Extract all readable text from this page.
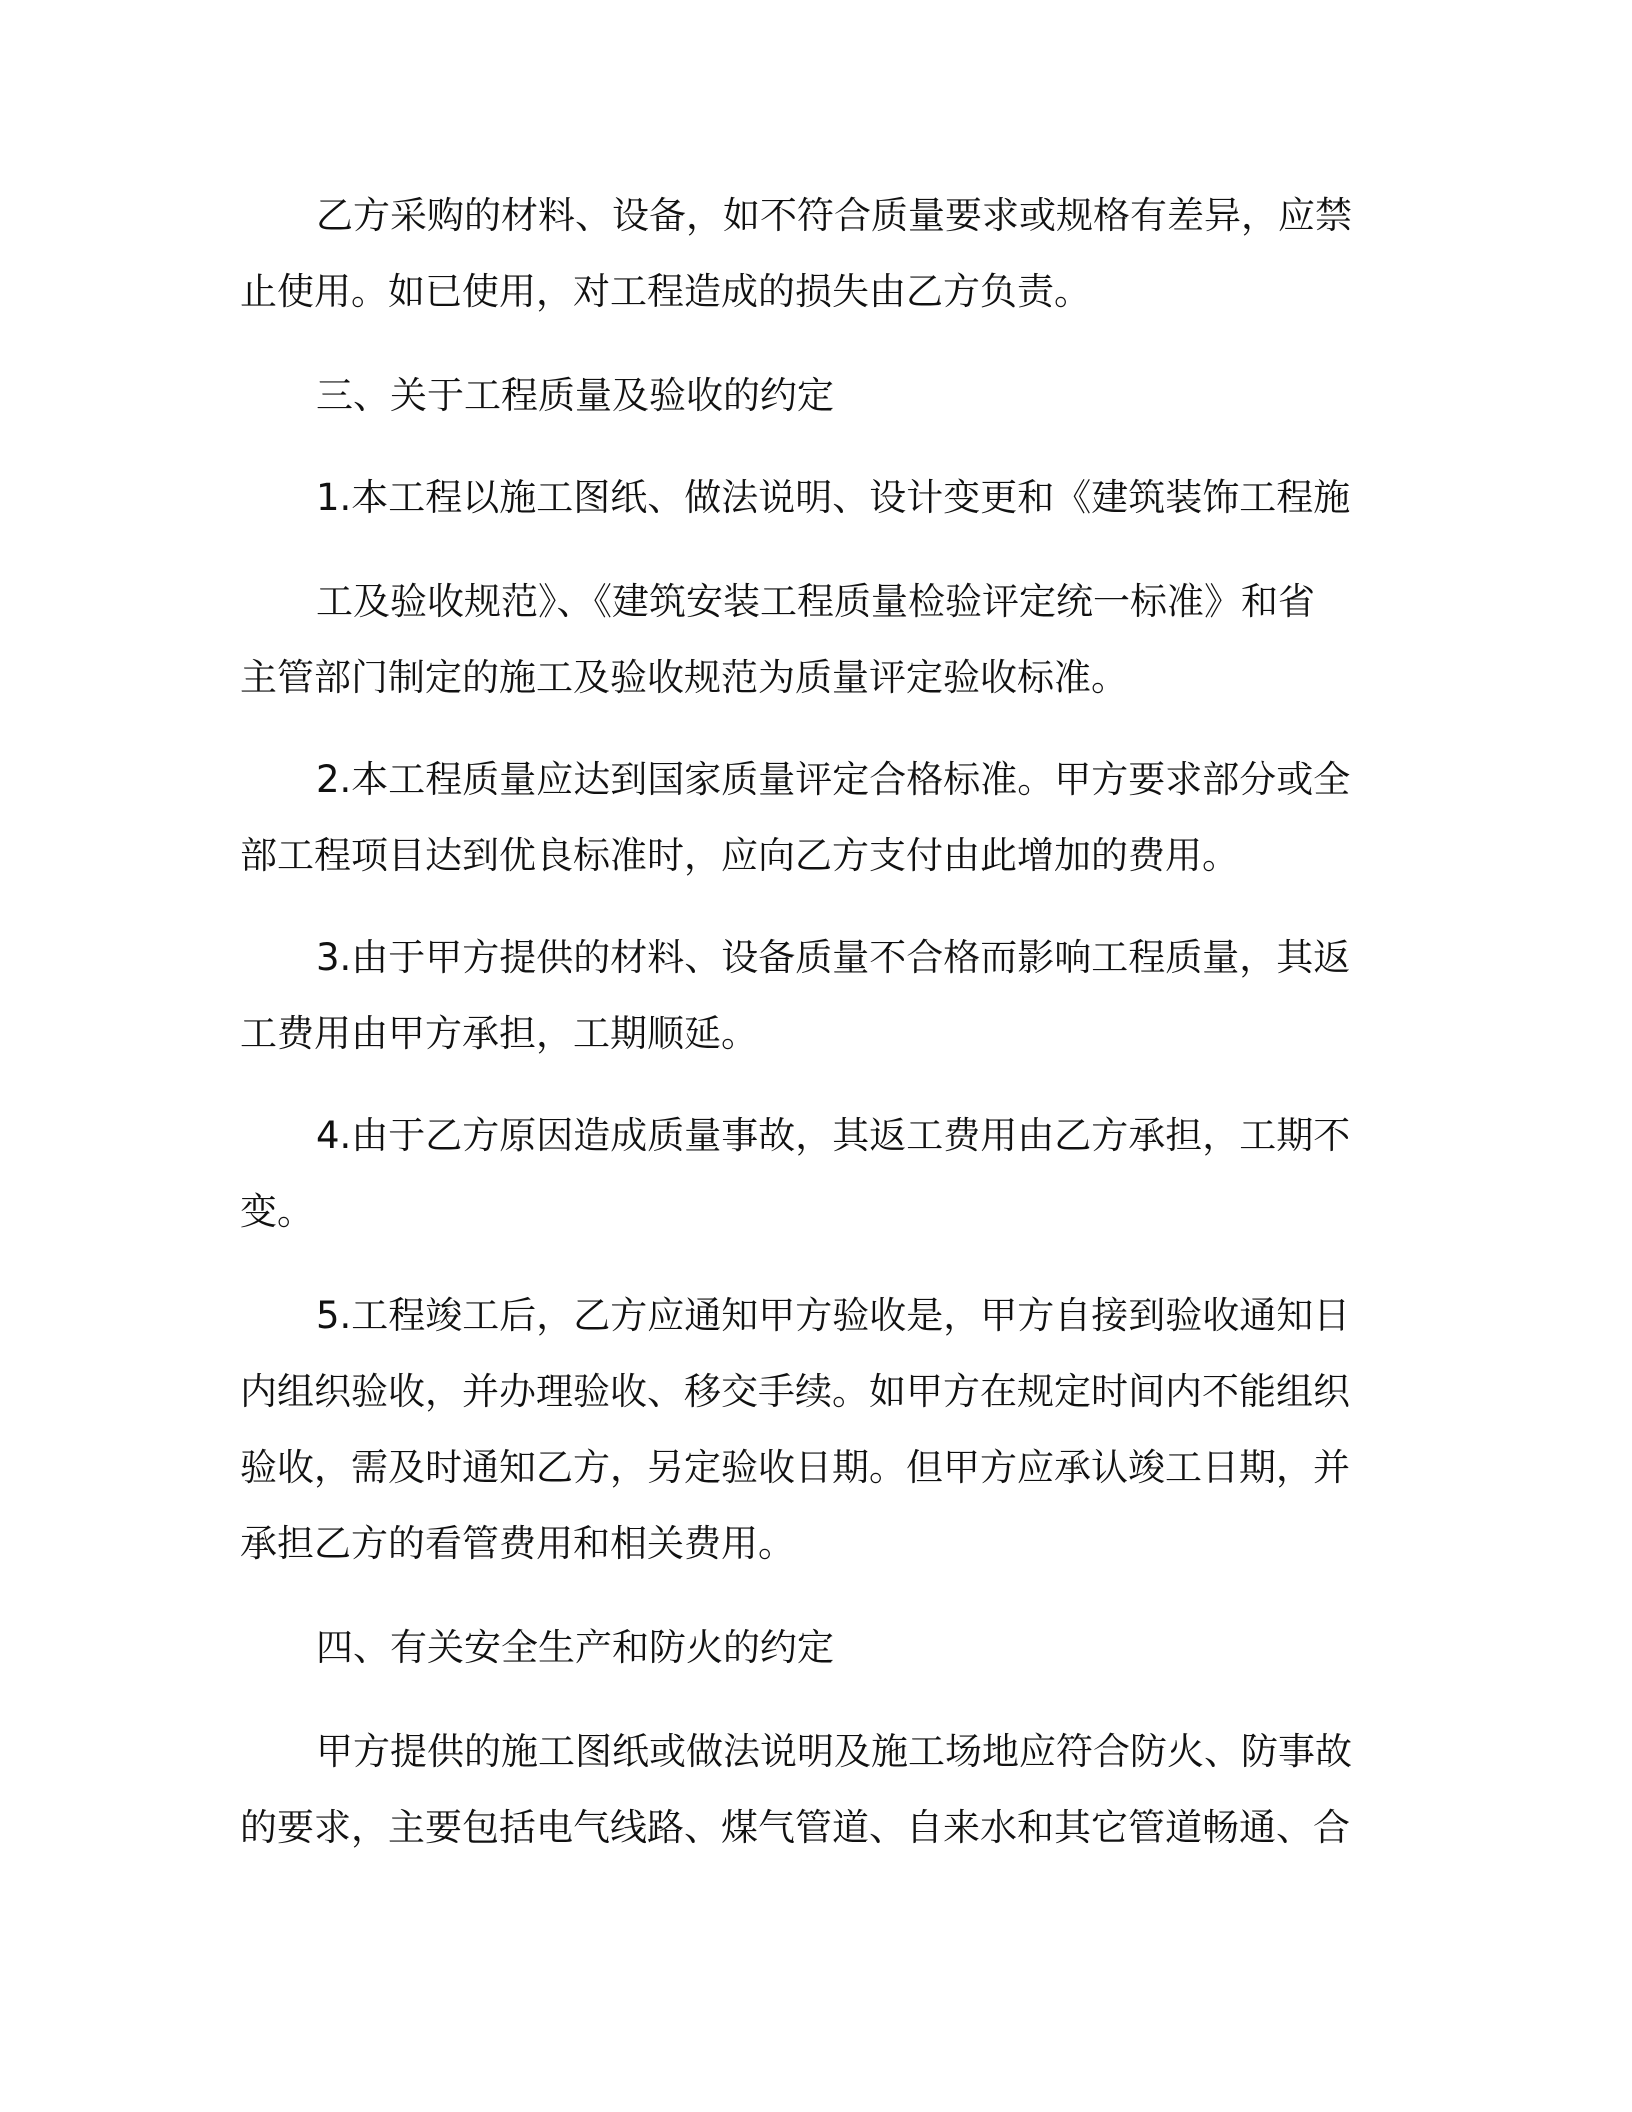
乙方采购的材料、设备，如不符合质量要求或规格有差异，应禁
止使用。如已使用，对工程造成的损失由乙方负责。
三、关于工程质量及验收的约定
1.本工程以施工图纸、做法说明、设计变更和《建筑装饰工程施
工及验收规范》、《建筑安装工程质量检验评定统一标准》和省
主管部门制定的施工及验收规范为质量评定验收标准。
2.本工程质量应达到国家质量评定合格标准。甲方要求部分或全
部工程项目达到优良标准时，应向乙方支付由此增加的费用。
3.由于甲方提供的材料、设备质量不合格而影响工程质量，其返
工费用由甲方承担，工期顺延。
4.由于乙方原因造成质量事故，其返工费用由乙方承担，工期不
变。
5.工程竣工后，乙方应通知甲方验收是，甲方自接到验收通知日
内组织验收，并办理验收、移交手续。如甲方在规定时间内不能组织
验收，需及时通知乙方，另定验收日期。但甲方应承认竣工日期，并
承担乙方的看管费用和相关费用。
四、有关安全生产和防火的约定
甲方提供的施工图纸或做法说明及施工场地应符合防火、防事故
的要求，主要包括电气线路、煤气管道、自来水和其它管道畅通、合
